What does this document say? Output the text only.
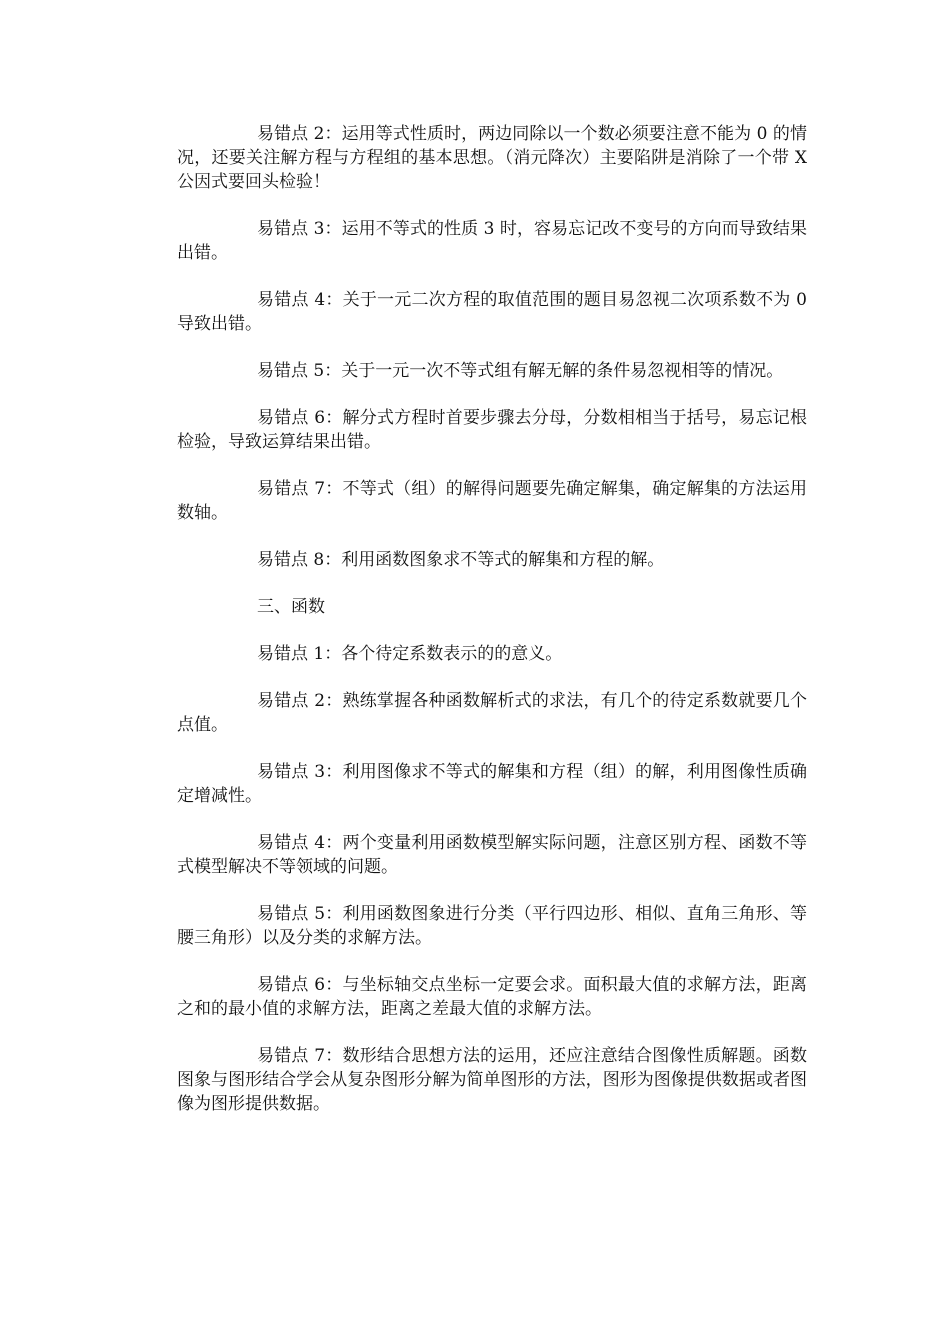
易错点 2：运用等式性质时，两边同除以一个数必须要注意不能为 0 的情况，还要关注解方程与方程组的基本思想。（消元降次）主要陷阱是消除了一个带 X 公因式要回头检验！

易错点 3：运用不等式的性质 3 时，容易忘记改不变号的方向而导致结果出错。

易错点 4：关于一元二次方程的取值范围的题目易忽视二次项系数不为 0 导致出错。

易错点 5：关于一元一次不等式组有解无解的条件易忽视相等的情况。

易错点 6：解分式方程时首要步骤去分母，分数相相当于括号，易忘记根检验，导致运算结果出错。

易错点 7：不等式（组）的解得问题要先确定解集，确定解集的方法运用数轴。

易错点 8：利用函数图象求不等式的解集和方程的解。

三、函数

易错点 1：各个待定系数表示的的意义。

易错点 2：熟练掌握各种函数解析式的求法，有几个的待定系数就要几个点值。

易错点 3：利用图像求不等式的解集和方程（组）的解，利用图像性质确定增减性。

易错点 4：两个变量利用函数模型解实际问题，注意区别方程、函数不等式模型解决不等领域的问题。

易错点 5：利用函数图象进行分类（平行四边形、相似、直角三角形、等腰三角形）以及分类的求解方法。

易错点 6：与坐标轴交点坐标一定要会求。面积最大值的求解方法，距离之和的最小值的求解方法，距离之差最大值的求解方法。

易错点 7：数形结合思想方法的运用，还应注意结合图像性质解题。函数图象与图形结合学会从复杂图形分解为简单图形的方法，图形为图像提供数据或者图像为图形提供数据。
